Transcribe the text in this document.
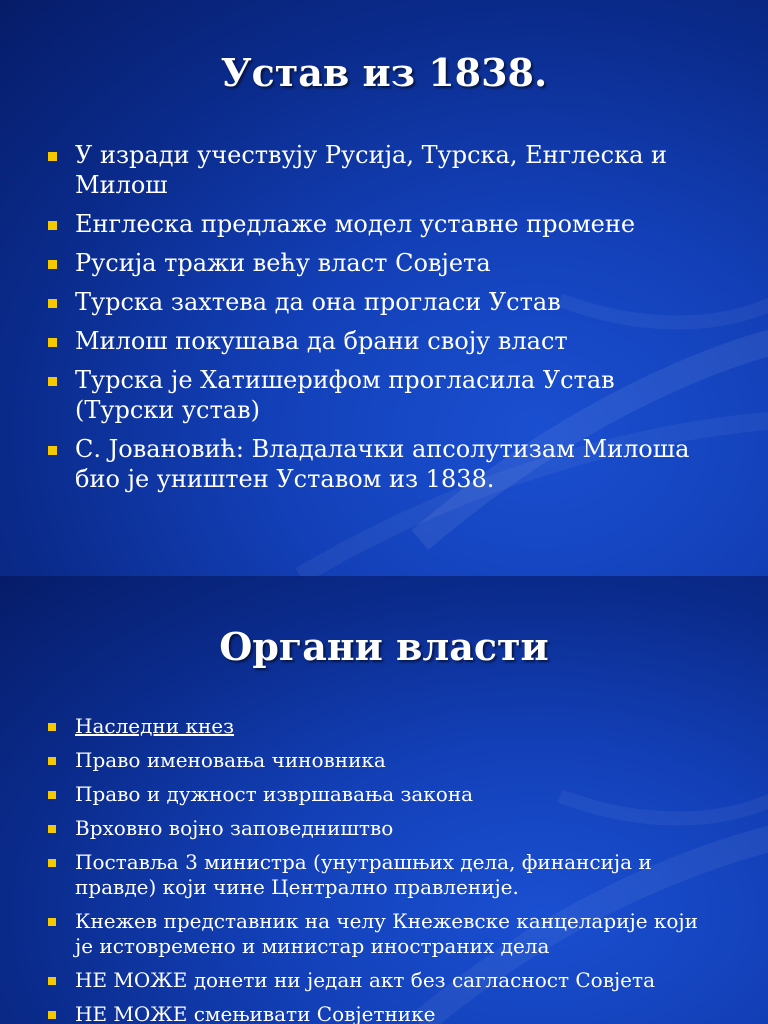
Устав из 1838.
У изради учествују Русија, Турска, Енглеска и Милош
Енглеска предлаже модел уставне промене
Русија тражи већу власт Совјета
Турска захтева да она прогласи Устав
Милош покушава да брани своју власт
Турска је Хатишерифом прогласила Устав (Турски устав)
С. Јовановић: Владалачки апсолутизам Милоша био је уништен Уставом из 1838.
Органи власти
Наследни кнез
Право именовања чиновника
Право и дужност извршавања закона
Врховно војно заповедништво
Поставља 3 министра (унутрашњих дела, финансија и правде) који чине Централно правленије.
Кнежев представник на челу Кнежевске канцеларије који је истовремено и министар иностраних дела
НЕ МОЖЕ донети ни један акт без сагласност Совјета
НЕ МОЖЕ смењивати Совјетнике
